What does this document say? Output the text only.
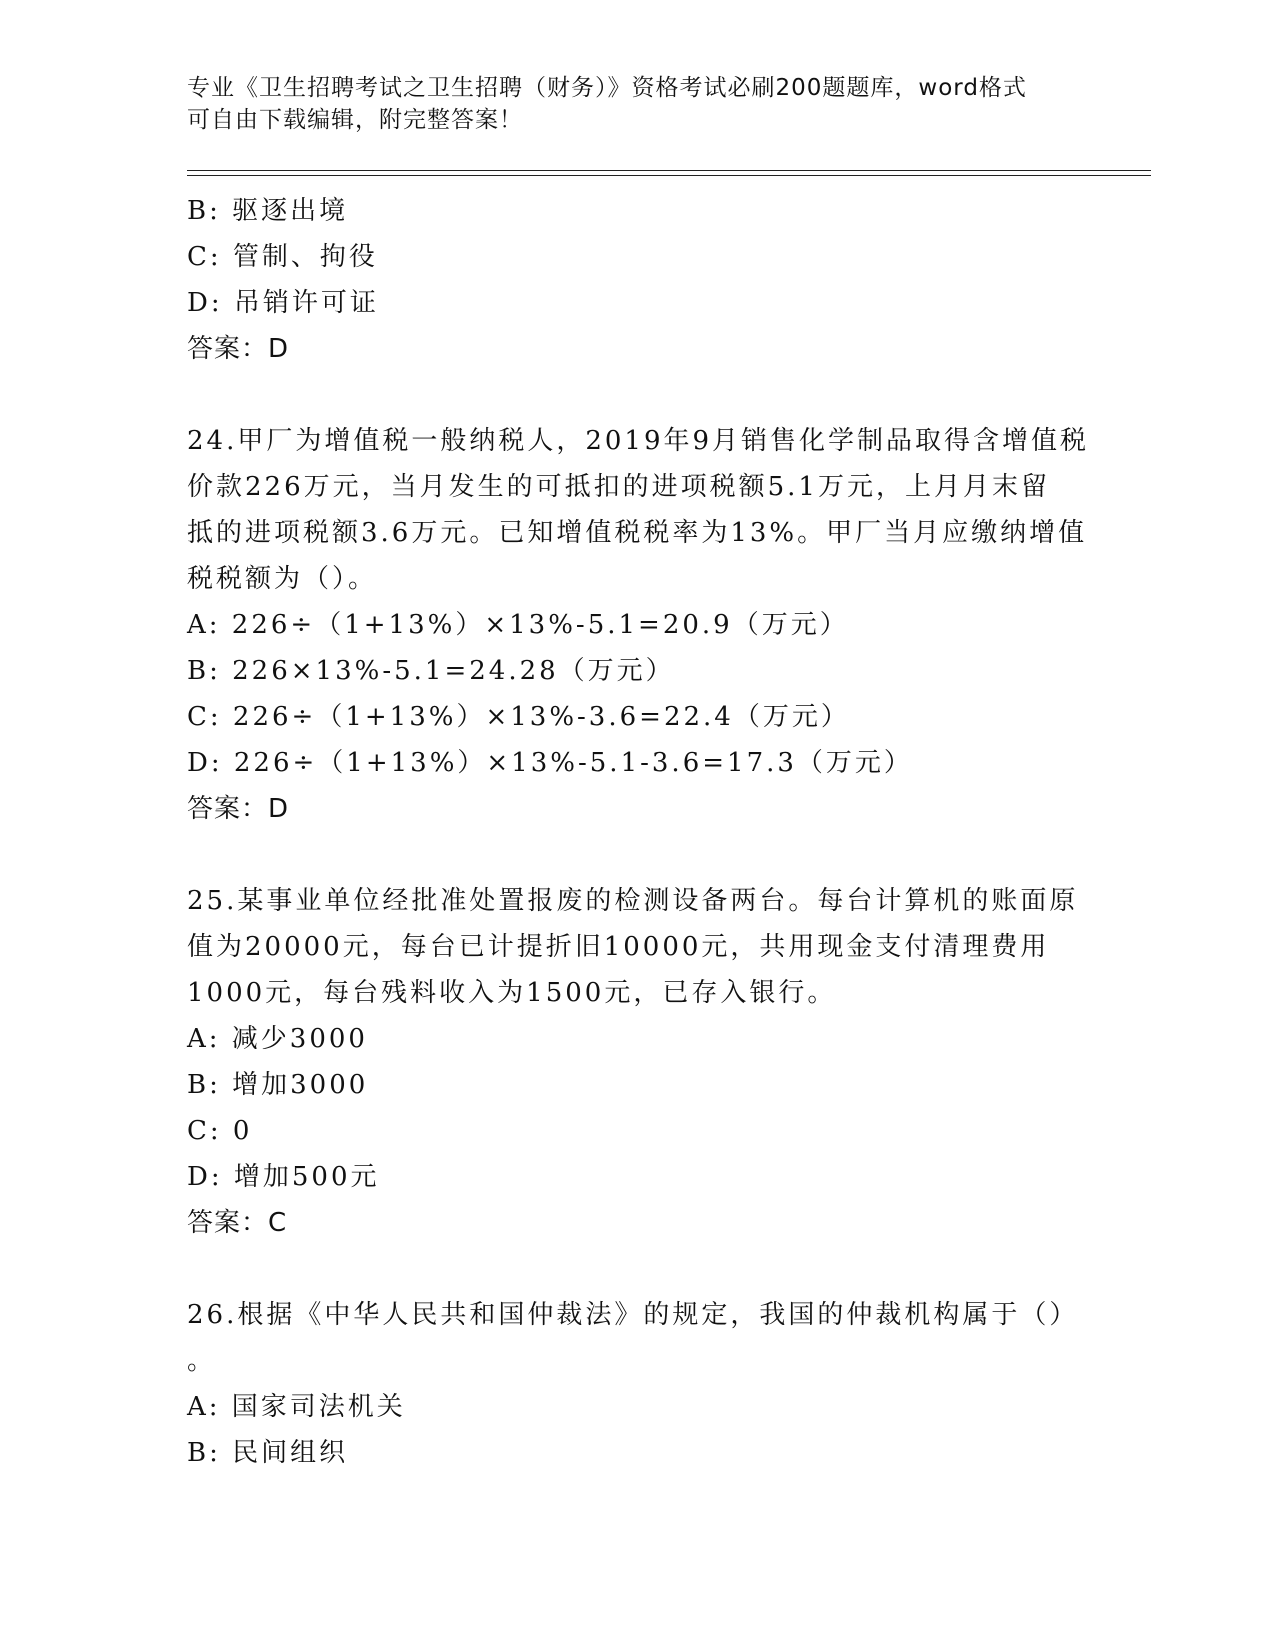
专业《卫生招聘考试之卫生招聘（财务）》资格考试必刷200题题库，word格式
可自由下载编辑，附完整答案！
B: 驱逐出境
C: 管制、拘役
D: 吊销许可证
答案：D
24.甲厂为增值税一般纳税人，2019年9月销售化学制品取得含增值税
价款226万元，当月发生的可抵扣的进项税额5.1万元，上月月末留
抵的进项税额3.6万元。已知增值税税率为13%。甲厂当月应缴纳增值
税税额为（）。
A: 226÷（1+13%）×13%-5.1=20.9（万元）
B: 226×13%-5.1=24.28（万元）
C: 226÷（1+13%）×13%-3.6=22.4（万元）
D: 226÷（1+13%）×13%-5.1-3.6=17.3（万元）
答案：D
25.某事业单位经批准处置报废的检测设备两台。每台计算机的账面原
值为20000元，每台已计提折旧10000元，共用现金支付清理费用
1000元，每台残料收入为1500元，已存入银行。
A: 减少3000
B: 增加3000
C: 0
D: 增加500元
答案：C
26.根据《中华人民共和国仲裁法》的规定，我国的仲裁机构属于（）
。
A: 国家司法机关
B: 民间组织
